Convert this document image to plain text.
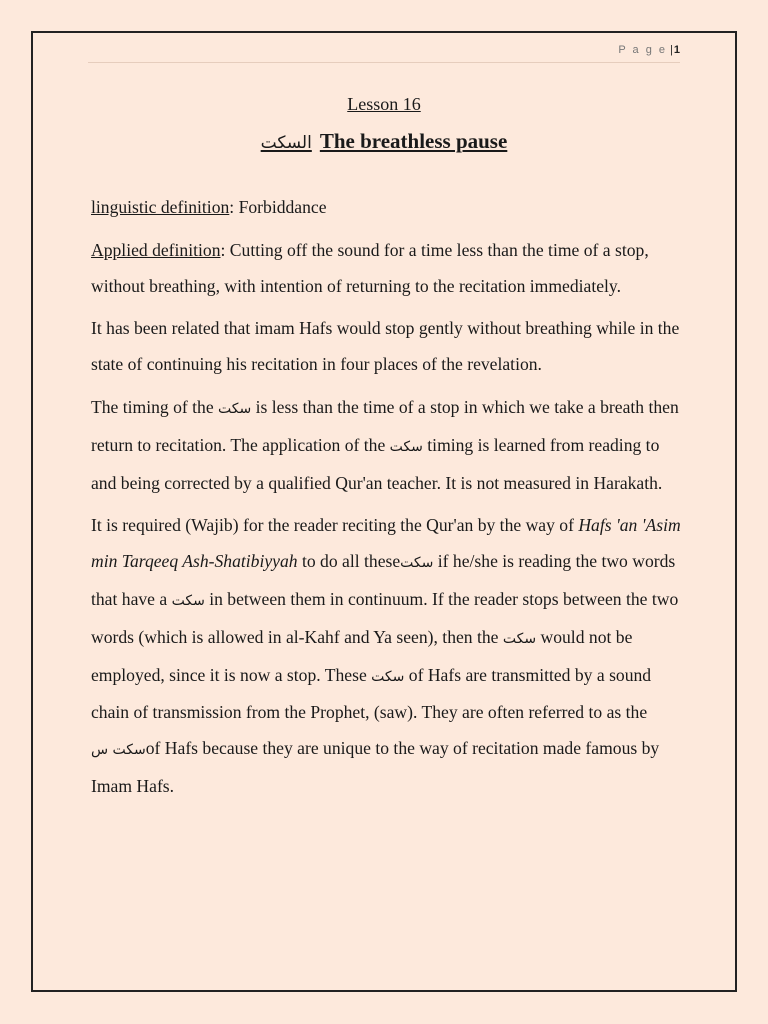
P a g e |1
Lesson 16
السكت The breathless pause

linguistic definition: Forbiddance

Applied definition: Cutting off the sound for a time less than the time of a stop, without breathing, with intention of returning to the recitation immediately.

It has been related that imam Hafs would stop gently without breathing while in the state of continuing his recitation in four places of the revelation.

The timing of the سكت is less than the time of a stop in which we take a breath then return to recitation. The application of the سكت timing is learned from reading to and being corrected by a qualified Qur'an teacher. It is not measured in Harakath.

It is required (Wajib) for the reader reciting the Qur'an by the way of Hafs 'an 'Asim min Tarqeeq Ash-Shatibiyyah to do all theseسكت if he/she is reading the two words that have a سكت in between them in continuum. If the reader stops between the two words (which is allowed in al-Kahf and Ya seen), then the سكت would not be employed, since it is now a stop. These سكت of Hafs are transmitted by a sound chain of transmission from the Prophet, (saw). They are often referred to as the سكت سof Hafs because they are unique to the way of recitation made famous by Imam Hafs.
